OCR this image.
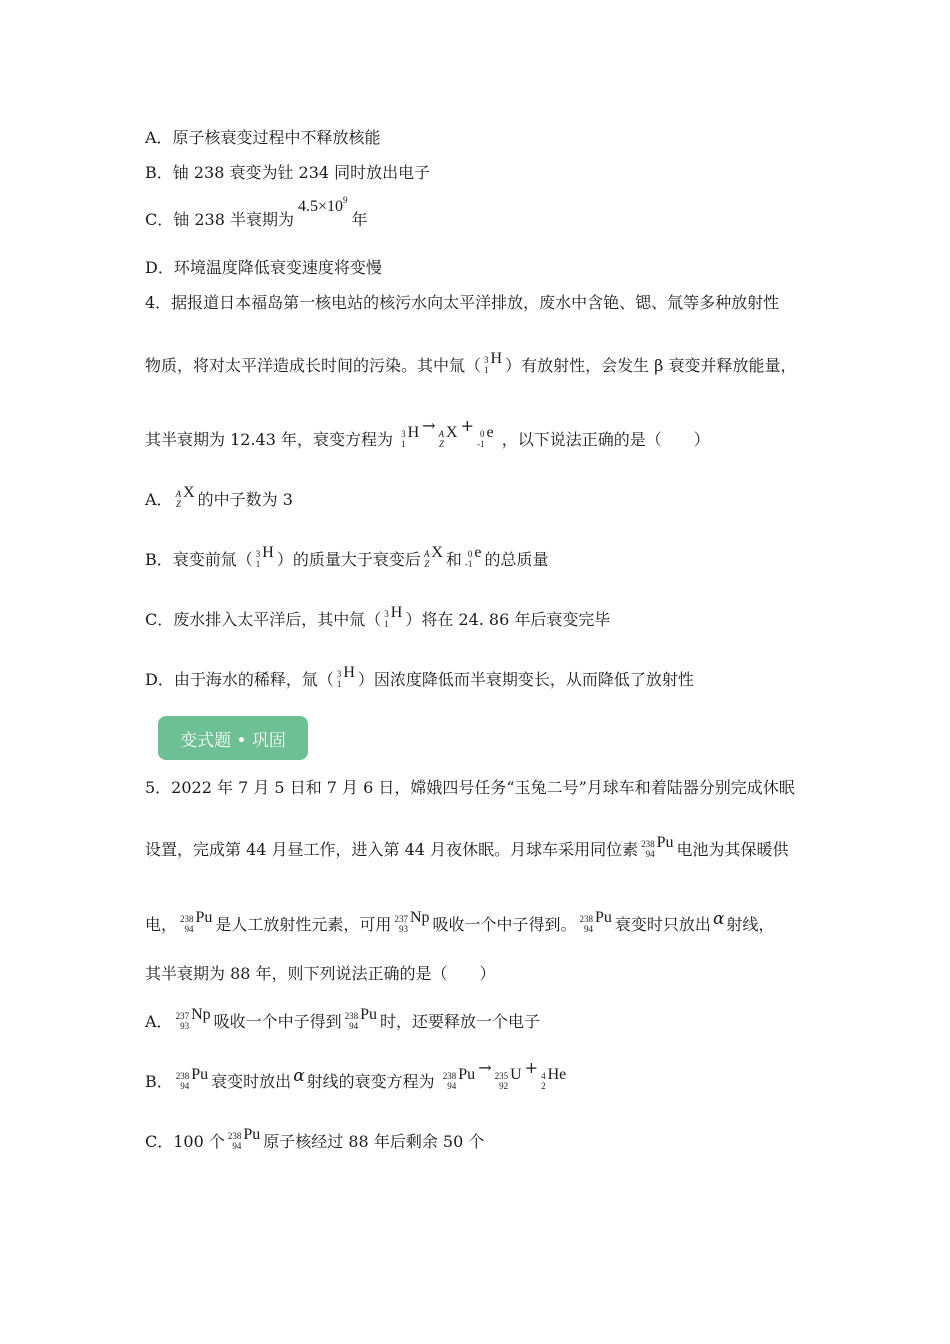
A．原子核衰变过程中不释放核能
B．铀 238 衰变为钍 234 同时放出电子
C．铀 238 半衰期为$4.5\times 10^9$年
D．环境温度降低衰变速度将变慢
4．据报道日本福岛第一核电站的核污水向太平洋排放，废水中含铯、锶、氚等多种放射性
物质，将对太平洋造成长时间的污染。其中氚（ 3
1
H ）有放射性，会发生 β 衰变并释放能量，
其半衰期为 12.43 年，衰变方程为 3
1
H → A
Z
X + 0
-1
e ，以下说法正确的是（　　）
A． A
Z
X 的中子数为 3
B．衰变前氚（ 3
1
H ）的质量大于衰变后 A
Z
X 和 0
-1
e 的总质量
C．废水排入太平洋后，其中氚（ 3
1
H ）将在 24. 86 年后衰变完毕
D．由于海水的稀释，氚（ 3
1
H ）因浓度降低而半衰期变长，从而降低了放射性
变式题 • 巩固
5．2022 年 7 月 5 日和 7 月 6 日，嫦娥四号任务“玉兔二号”月球车和着陆器分别完成休眠
设置，完成第 44 月昼工作，进入第 44 月夜休眠。月球车采用同位素 238
94
Pu 电池为其保暖供
电， 238
94
Pu 是人工放射性元素，可用 237
93
Np 吸收一个中子得到。 238
94
Pu 衰变时只放出 α 射线，
其半衰期为 88 年，则下列说法正确的是（　　）
A． 237
93
Np 吸收一个中子得到 238
94
Pu 时，还要释放一个电子
B． 238
94
Pu 衰变时放出 α 射线的衰变方程为 238
94
Pu → 235
92
U + 4
2
He
C．100 个 238
94
Pu 原子核经过 88 年后剩余 50 个
